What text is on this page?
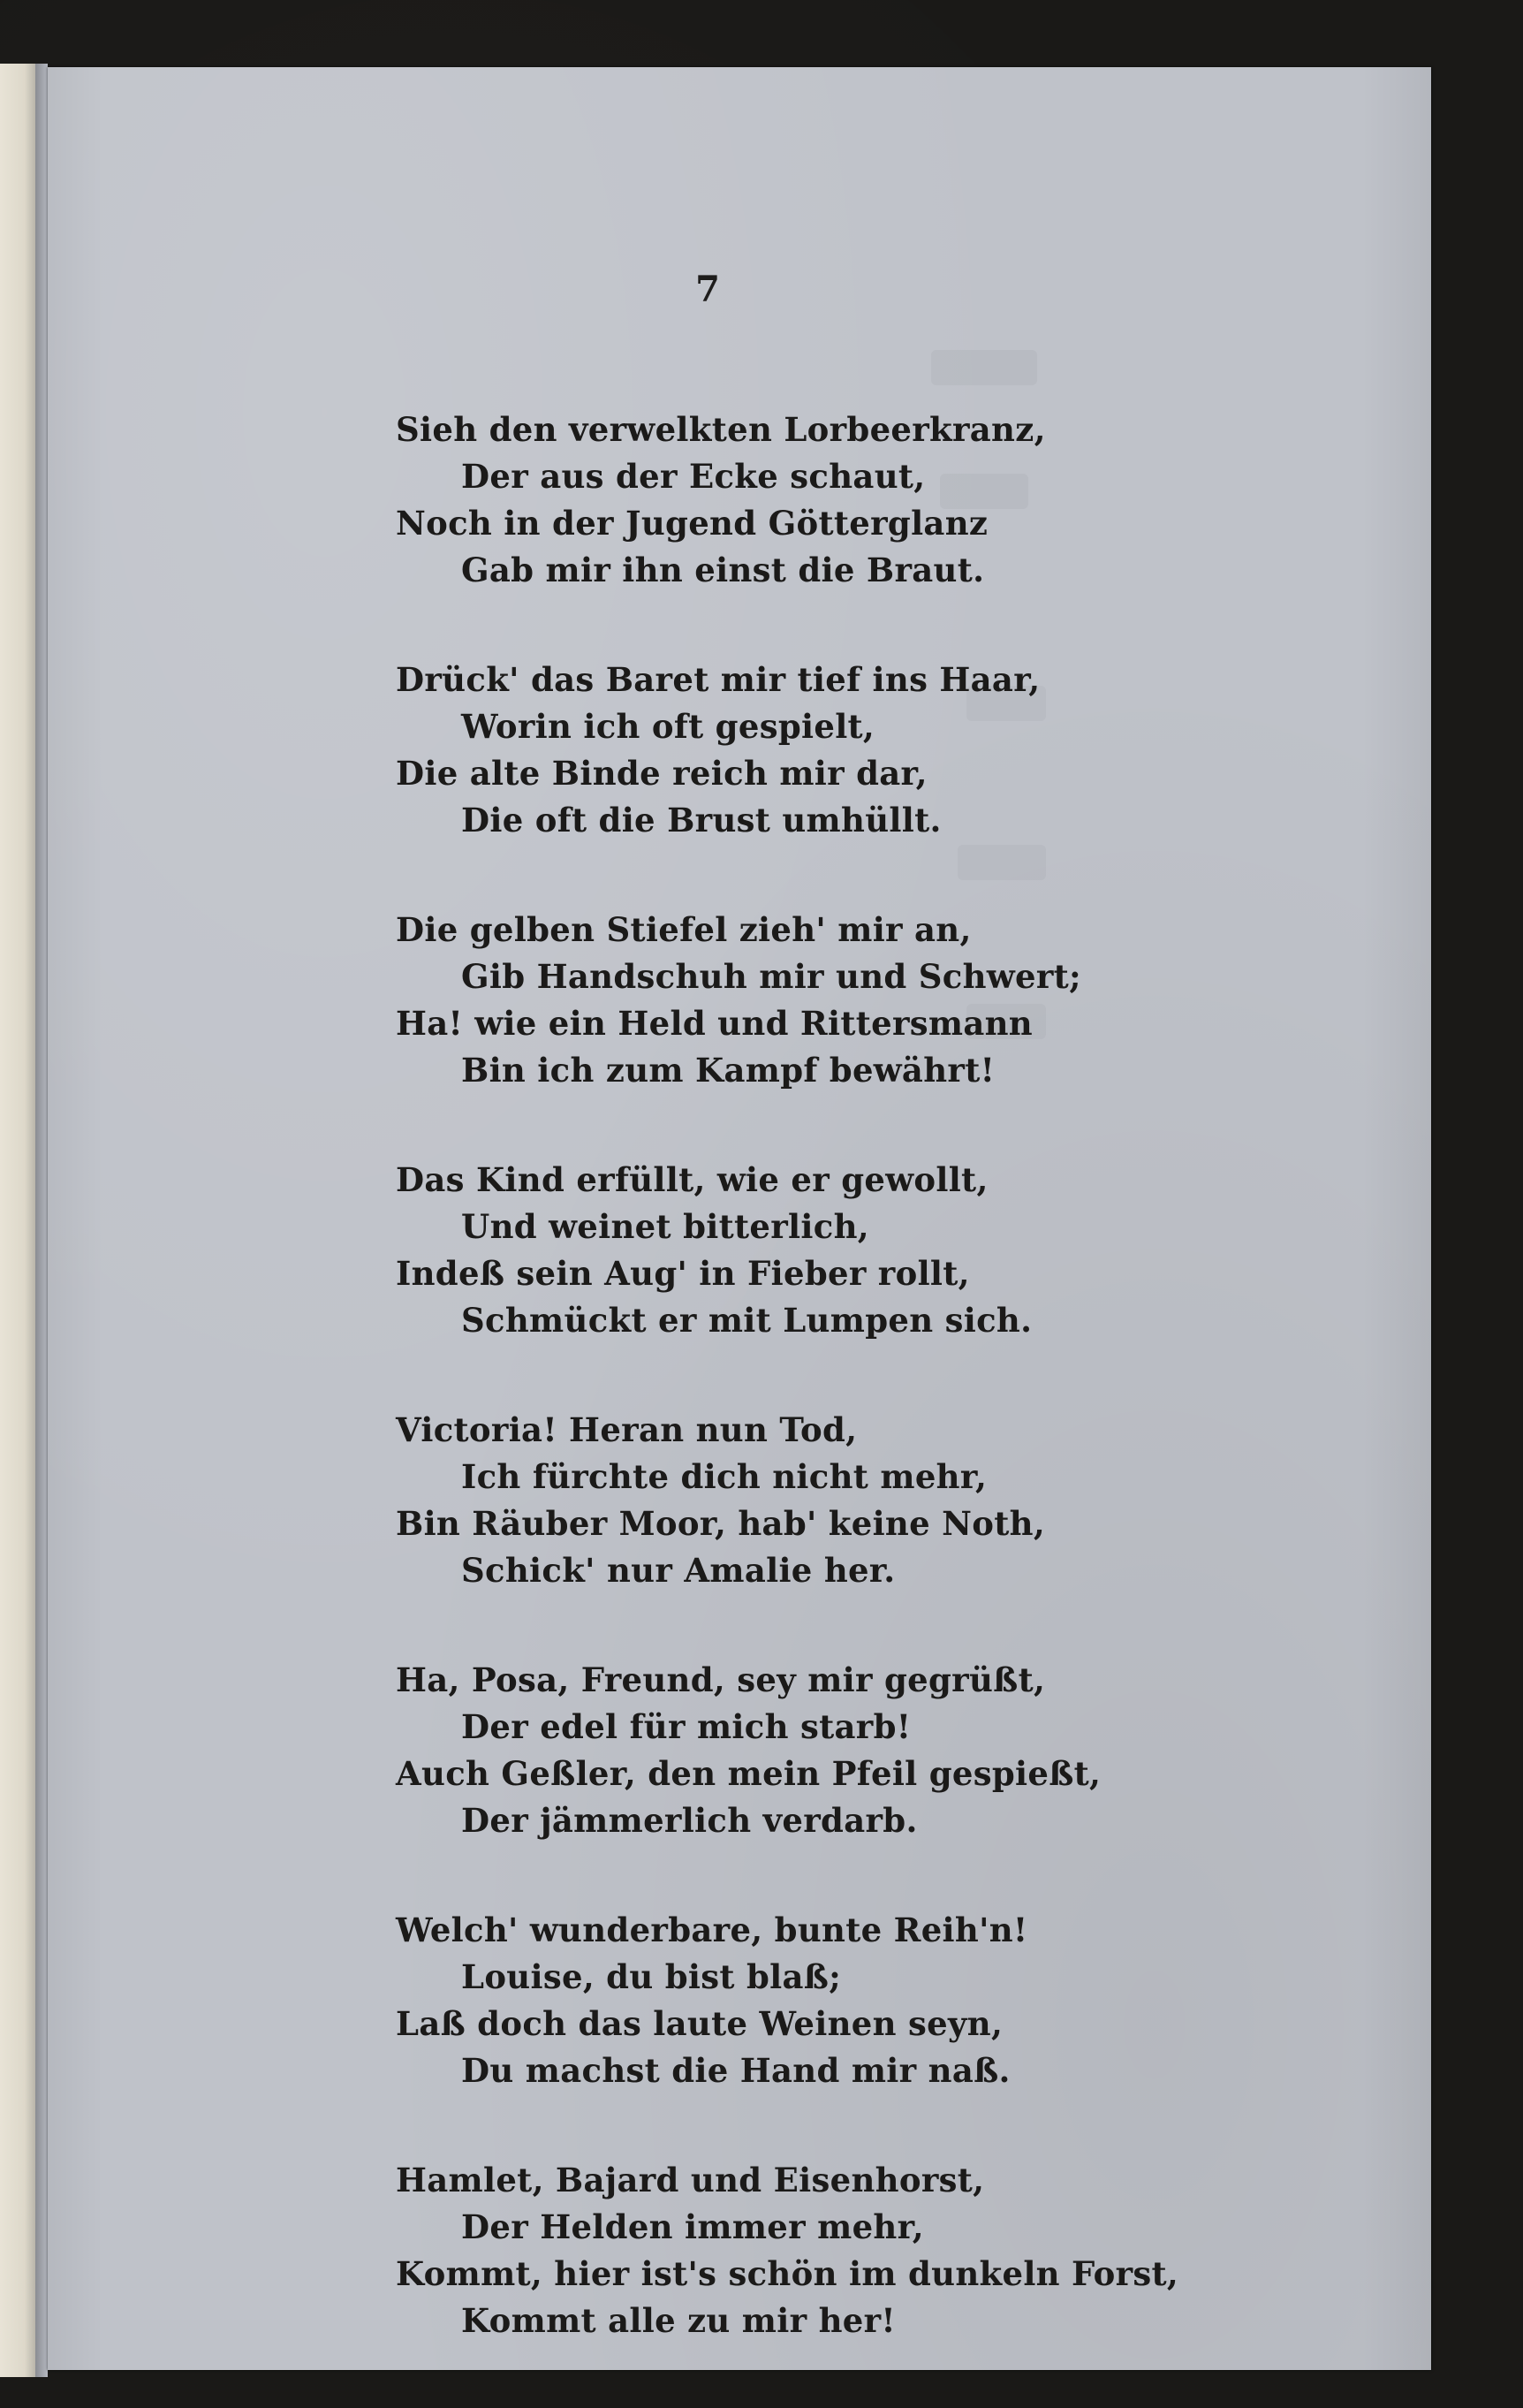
7
Sieh den verwelkten Lorbeerkranz,
Der aus der Ecke schaut,
Noch in der Jugend Götterglanz
Gab mir ihn einst die Braut.
Drück' das Baret mir tief ins Haar,
Worin ich oft gespielt,
Die alte Binde reich mir dar,
Die oft die Brust umhüllt.
Die gelben Stiefel zieh' mir an,
Gib Handschuh mir und Schwert;
Ha! wie ein Held und Rittersmann
Bin ich zum Kampf bewährt!
Das Kind erfüllt, wie er gewollt,
Und weinet bitterlich,
Indeß sein Aug' in Fieber rollt,
Schmückt er mit Lumpen sich.
Victoria! Heran nun Tod,
Ich fürchte dich nicht mehr,
Bin Räuber Moor, hab' keine Noth,
Schick' nur Amalie her.
Ha, Posa, Freund, sey mir gegrüßt,
Der edel für mich starb!
Auch Geßler, den mein Pfeil gespießt,
Der jämmerlich verdarb.
Welch' wunderbare, bunte Reih'n!
Louise, du bist blaß;
Laß doch das laute Weinen seyn,
Du machst die Hand mir naß.
Hamlet, Bajard und Eisenhorst,
Der Helden immer mehr,
Kommt, hier ist's schön im dunkeln Forst,
Kommt alle zu mir her!
